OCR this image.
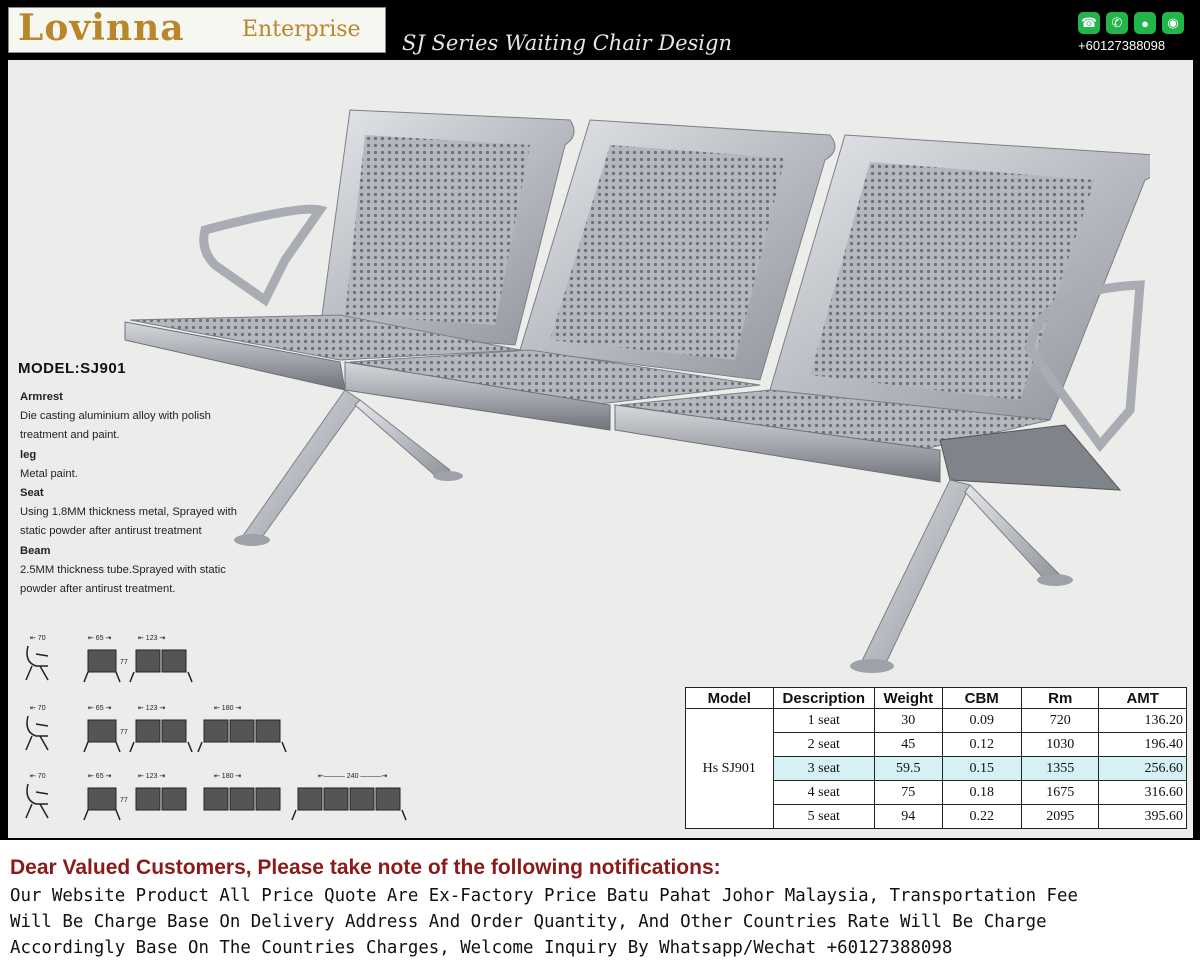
Lovinna	Enterprise
SJ Series Waiting Chair Design
☎	✆	●	◉
+60127388098
MODEL:SJ901
Armrest
Die casting aluminium alloy with polish treatment and paint.
leg
Metal paint.
Seat
Using 1.8MM thickness metal, Sprayed with static powder after antirust treatment
Beam
2.5MM thickness tube.Sprayed with static powder after antirust treatment.
⇤ 70	⇤ 65 ⇥
77
⇤ 123 ⇥
⇤ 70	⇤ 65 ⇥
77
⇤ 123 ⇥	⇤ 180 ⇥
⇤ 70	⇤ 65 ⇥
77
⇤ 123 ⇥	⇤ 180 ⇥	⇤——— 240 ———⇥
Model	Description	Weight	CBM	Rm	AMT
Hs SJ901	1 seat	30	0.09	720	136.20
	2 seat	45	0.12	1030	196.40
	3 seat	59.5	0.15	1355	256.60
	4 seat	75	0.18	1675	316.60
	5 seat	94	0.22	2095	395.60
Dear Valued Customers, Please take note of the following notifications:
Our Website Product All Price Quote Are Ex-Factory Price Batu Pahat Johor Malaysia, Transportation Fee
Will Be Charge Base On Delivery Address And Order Quantity, And Other Countries Rate Will Be Charge
Accordingly Base On The Countries Charges, Welcome Inquiry By Whatsapp/Wechat +60127388098
